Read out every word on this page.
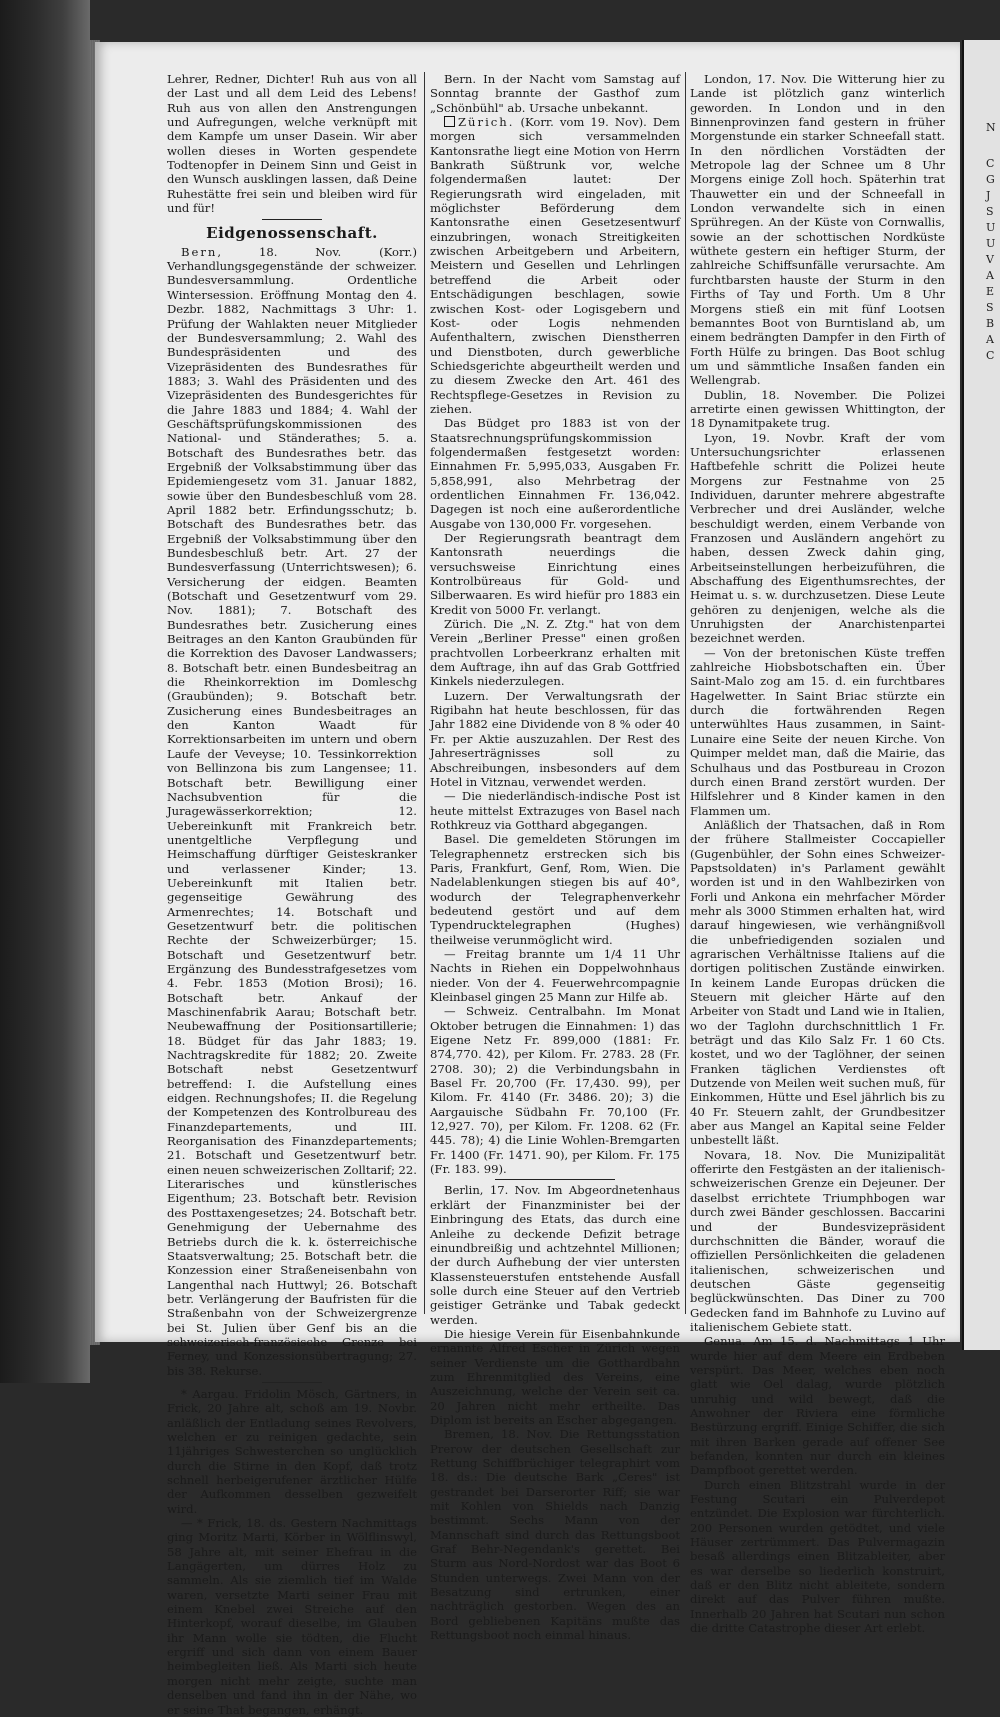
N
C
G
J
S
U
U
V
A
E
S
B
A
C

Lehrer, Redner, Dichter! Ruh aus von all der Last und all dem Leid des Lebens! Ruh aus von allen den Anstrengungen und Aufregungen, welche verknüpft mit dem Kampfe um unser Dasein. Wir aber wollen dieses in Worten gespendete Todtenopfer in Deinem Sinn und Geist in den Wunsch ausklingen lassen, daß Deine Ruhestätte frei sein und bleiben wird für und für!

Eidgenossenschaft.

Bern, 18. Nov. (Korr.) Verhandlungsgegenstände der schweizer. Bundesversammlung. Ordentliche Wintersession. Eröffnung Montag den 4. Dezbr. 1882, Nachmittags 3 Uhr: 1. Prüfung der Wahlakten neuer Mitglieder der Bundesversammlung; 2. Wahl des Bundespräsidenten und des Vizepräsidenten des Bundesrathes für 1883; 3. Wahl des Präsidenten und des Vizepräsidenten des Bundesgerichtes für die Jahre 1883 und 1884; 4. Wahl der Geschäftsprüfungskommissionen des National- und Ständerathes; 5. a. Botschaft des Bundesrathes betr. das Ergebniß der Volksabstimmung über das Epidemiengesetz vom 31. Januar 1882, sowie über den Bundesbeschluß vom 28. April 1882 betr. Erfindungsschutz; b. Botschaft des Bundesrathes betr. das Ergebniß der Volksabstimmung über den Bundesbeschluß betr. Art. 27 der Bundesverfassung (Unterrichtswesen); 6. Versicherung der eidgen. Beamten (Botschaft und Gesetzentwurf vom 29. Nov. 1881); 7. Botschaft des Bundesrathes betr. Zusicherung eines Beitrages an den Kanton Graubünden für die Korrektion des Davoser Landwassers; 8. Botschaft betr. einen Bundesbeitrag an die Rheinkorrektion im Domleschg (Graubünden); 9. Botschaft betr. Zusicherung eines Bundesbeitrages an den Kanton Waadt für Korrektionsarbeiten im untern und obern Laufe der Veveyse; 10. Tessinkorrektion von Bellinzona bis zum Langensee; 11. Botschaft betr. Bewilligung einer Nachsubvention für die Juragewässerkorrektion; 12. Uebereinkunft mit Frankreich betr. unentgeltliche Verpflegung und Heimschaffung dürftiger Geisteskranker und verlassener Kinder; 13. Uebereinkunft mit Italien betr. gegenseitige Gewährung des Armenrechtes; 14. Botschaft und Gesetzentwurf betr. die politischen Rechte der Schweizerbürger; 15. Botschaft und Gesetzentwurf betr. Ergänzung des Bundesstrafgesetzes vom 4. Febr. 1853 (Motion Brosi); 16. Botschaft betr. Ankauf der Maschinenfabrik Aarau; Botschaft betr. Neubewaffnung der Positionsartillerie; 18. Büdget für das Jahr 1883; 19. Nachtragskredite für 1882; 20. Zweite Botschaft nebst Gesetzentwurf betreffend: I. die Aufstellung eines eidgen. Rechnungshofes; II. die Regelung der Kompetenzen des Kontrolbureau des Finanzdepartements, und III. Reorganisation des Finanzdepartements; 21. Botschaft und Gesetzentwurf betr. einen neuen schweizerischen Zolltarif; 22. Literarisches und künstlerisches Eigenthum; 23. Botschaft betr. Revision des Posttaxengesetzes; 24. Botschaft betr. Genehmigung der Uebernahme des Betriebs durch die k. k. österreichische Staatsverwaltung; 25. Botschaft betr. die Konzession einer Straßeneisenbahn von Langenthal nach Huttwyl; 26. Botschaft betr. Verlängerung der Baufristen für die Straßenbahn von der Schweizergrenze bei St. Julien über Genf bis an die schweizerisch-französische Grenze bei Ferney, und Konzessionsübertragung; 27. bis 38. Rekurse.

* Aargau. Fridolin Mösch, Gärtners, in Frick, 20 Jahre alt, schoß am 19. Novbr. anläßlich der Entladung seines Revolvers, welchen er zu reinigen gedachte, sein 11jähriges Schwesterchen so unglücklich durch die Stirne in den Kopf, daß trotz schnell herbeigerufener ärztlicher Hülfe der Aufkommen desselben gezweifelt wird.

— * Frick, 18. ds. Gestern Nachmittags ging Moritz Marti, Körber in Wölflinswyl, 58 Jahre alt, mit seiner Ehefrau in die Langägerten, um dürres Holz zu sammeln. Als sie ziemlich tief im Walde waren, versetzte Marti seiner Frau mit einem Knebel zwei Streiche auf den Hinterkopf, worauf dieselbe, im Glauben ihr Mann wolle sie tödten, die Flucht ergriff und sich dann von einem Bauer heimbegleiten ließ. Als Marti sich heute morgen nicht mehr zeigte, suchte man denselben und fand ihn in der Nähe, wo er seine That begangen, erhängt.

Bern. In der Nacht vom Samstag auf Sonntag brannte der Gasthof zum „Schönbühl" ab. Ursache unbekannt.

Zürich. (Korr. vom 19. Nov). Dem morgen sich versammelnden Kantonsrathe liegt eine Motion von Herrn Bankrath Süßtrunk vor, welche folgendermaßen lautet: Der Regierungsrath wird eingeladen, mit möglichster Beförderung dem Kantonsrathe einen Gesetzesentwurf einzubringen, wonach Streitigkeiten zwischen Arbeitgebern und Arbeitern, Meistern und Gesellen und Lehrlingen betreffend die Arbeit oder Entschädigungen beschlagen, sowie zwischen Kost- oder Logisgebern und Kost- oder Logis nehmenden Aufenthaltern, zwischen Dienstherren und Dienstboten, durch gewerbliche Schiedsgerichte abgeurtheilt werden und zu diesem Zwecke den Art. 461 des Rechtspflege-Gesetzes in Revision zu ziehen.

Das Büdget pro 1883 ist von der Staatsrechnungsprüfungskommission folgendermaßen festgesetzt worden: Einnahmen Fr. 5,995,033, Ausgaben Fr. 5,858,991, also Mehrbetrag der ordentlichen Einnahmen Fr. 136,042. Dagegen ist noch eine außerordentliche Ausgabe von 130,000 Fr. vorgesehen.

Der Regierungsrath beantragt dem Kantonsrath neuerdings die versuchsweise Einrichtung eines Kontrolbüreaus für Gold- und Silberwaaren. Es wird hiefür pro 1883 ein Kredit von 5000 Fr. verlangt.

Zürich. Die „N. Z. Ztg." hat von dem Verein „Berliner Presse" einen großen prachtvollen Lorbeerkranz erhalten mit dem Auftrage, ihn auf das Grab Gottfried Kinkels niederzulegen.

Luzern. Der Verwaltungsrath der Rigibahn hat heute beschlossen, für das Jahr 1882 eine Dividende von 8 % oder 40 Fr. per Aktie auszuzahlen. Der Rest des Jahreserträgnisses soll zu Abschreibungen, insbesonders auf dem Hotel in Vitznau, verwendet werden.

— Die niederländisch-indische Post ist heute mittelst Extrazuges von Basel nach Rothkreuz via Gotthard abgegangen.

Basel. Die gemeldeten Störungen im Telegraphennetz erstrecken sich bis Paris, Frankfurt, Genf, Rom, Wien. Die Nadelablenkungen stiegen bis auf 40°, wodurch der Telegraphenverkehr bedeutend gestört und auf dem Typendrucktelegraphen (Hughes) theilweise verunmöglicht wird.

— Freitag brannte um 1/4 11 Uhr Nachts in Riehen ein Doppelwohnhaus nieder. Von der 4. Feuerwehrcompagnie Kleinbasel gingen 25 Mann zur Hilfe ab.

— Schweiz. Centralbahn. Im Monat Oktober betrugen die Einnahmen: 1) das Eigene Netz Fr. 899,000 (1881: Fr. 874,770. 42), per Kilom. Fr. 2783. 28 (Fr. 2708. 30); 2) die Verbindungsbahn in Basel Fr. 20,700 (Fr. 17,430. 99), per Kilom. Fr. 4140 (Fr. 3486. 20); 3) die Aargauische Südbahn Fr. 70,100 (Fr. 12,927. 70), per Kilom. Fr. 1208. 62 (Fr. 445. 78); 4) die Linie Wohlen-Bremgarten Fr. 1400 (Fr. 1471. 90), per Kilom. Fr. 175 (Fr. 183. 99).

Berlin, 17. Nov. Im Abgeordnetenhaus erklärt der Finanzminister bei der Einbringung des Etats, das durch eine Anleihe zu deckende Defizit betrage einundbreißig und achtzehntel Millionen; der durch Aufhebung der vier untersten Klassensteuerstufen entstehende Ausfall solle durch eine Steuer auf den Vertrieb geistiger Getränke und Tabak gedeckt werden.

Die hiesige Verein für Eisenbahnkunde ernannte Alfred Escher in Zürich wegen seiner Verdienste um die Gotthardbahn zum Ehrenmitglied des Vereins, eine Auszeichnung, welche der Verein seit ca. 20 Jahren nicht mehr ertheilte. Das Diplom ist bereits an Escher abgegangen.

Bremen, 18. Nov. Die Rettungsstation Prerow der deutschen Gesellschaft zur Rettung Schiffbrüchiger telegraphirt vom 18. ds.: Die deutsche Bark „Ceres" ist gestrandet bei Darserorter Riff; sie war mit Kohlen von Shields nach Danzig bestimmt. Sechs Mann von der Mannschaft sind durch das Rettungsboot Graf Behr-Negendank's gerettet. Bei Sturm aus Nord-Nordost war das Boot 6 Stunden unterwegs. Zwei Mann von der Besatzung sind ertrunken, einer nachträglich gestorben. Wegen des an Bord gebliebenen Kapitäns mußte das Rettungsboot noch einmal hinaus.

London, 17. Nov. Die Witterung hier zu Lande ist plötzlich ganz winterlich geworden. In London und in den Binnenprovinzen fand gestern in früher Morgenstunde ein starker Schneefall statt. In den nördlichen Vorstädten der Metropole lag der Schnee um 8 Uhr Morgens einige Zoll hoch. Späterhin trat Thauwetter ein und der Schneefall in London verwandelte sich in einen Sprühregen. An der Küste von Cornwallis, sowie an der schottischen Nordküste wüthete gestern ein heftiger Sturm, der zahlreiche Schiffsunfälle verursachte. Am furchtbarsten hauste der Sturm in den Firths of Tay und Forth. Um 8 Uhr Morgens stieß ein mit fünf Lootsen bemanntes Boot von Burntisland ab, um einem bedrängten Dampfer in den Firth of Forth Hülfe zu bringen. Das Boot schlug um und sämmtliche Insaßen fanden ein Wellengrab.

Dublin, 18. November. Die Polizei arretirte einen gewissen Whittington, der 18 Dynamitpakete trug.

Lyon, 19. Novbr. Kraft der vom Untersuchungsrichter erlassenen Haftbefehle schritt die Polizei heute Morgens zur Festnahme von 25 Individuen, darunter mehrere abgestrafte Verbrecher und drei Ausländer, welche beschuldigt werden, einem Verbande von Franzosen und Ausländern angehört zu haben, dessen Zweck dahin ging, Arbeitseinstellungen herbeizuführen, die Abschaffung des Eigenthumsrechtes, der Heimat u. s. w. durchzusetzen. Diese Leute gehören zu denjenigen, welche als die Unruhigsten der Anarchistenpartei bezeichnet werden.

— Von der bretonischen Küste treffen zahlreiche Hiobsbotschaften ein. Über Saint-Malo zog am 15. d. ein furchtbares Hagelwetter. In Saint Briac stürzte ein durch die fortwährenden Regen unterwühltes Haus zusammen, in Saint-Lunaire eine Seite der neuen Kirche. Von Quimper meldet man, daß die Mairie, das Schulhaus und das Postbureau in Crozon durch einen Brand zerstört wurden. Der Hilfslehrer und 8 Kinder kamen in den Flammen um.

Anläßlich der Thatsachen, daß in Rom der frühere Stallmeister Coccapieller (Gugenbühler, der Sohn eines Schweizer-Papstsoldaten) in's Parlament gewählt worden ist und in den Wahlbezirken von Forli und Ankona ein mehrfacher Mörder mehr als 3000 Stimmen erhalten hat, wird darauf hingewiesen, wie verhängnißvoll die unbefriedigenden sozialen und agrarischen Verhältnisse Italiens auf die dortigen politischen Zustände einwirken. In keinem Lande Europas drücken die Steuern mit gleicher Härte auf den Arbeiter von Stadt und Land wie in Italien, wo der Taglohn durchschnittlich 1 Fr. beträgt und das Kilo Salz Fr. 1 60 Cts. kostet, und wo der Taglöhner, der seinen Franken täglichen Verdienstes oft Dutzende von Meilen weit suchen muß, für Einkommen, Hütte und Esel jährlich bis zu 40 Fr. Steuern zahlt, der Grundbesitzer aber aus Mangel an Kapital seine Felder unbestellt läßt.

Novara, 18. Nov. Die Munizipalität offerirte den Festgästen an der italienisch-schweizerischen Grenze ein Dejeuner. Der daselbst errichtete Triumphbogen war durch zwei Bänder geschlossen. Baccarini und der Bundesvizepräsident durchschnitten die Bänder, worauf die offiziellen Persönlichkeiten die geladenen italienischen, schweizerischen und deutschen Gäste gegenseitig beglückwünschten. Das Diner zu 700 Gedecken fand im Bahnhofe zu Luvino auf italienischem Gebiete statt.

Genua. Am 15. d. Nachmittags 1 Uhr wurde hier auf dem Meere ein Erdbeben verspürt. Das Meer, welches eben noch glatt wie Oel dalag, wurde plötzlich unruhig und wild bewegt, daß die Anwohner der Riviera eine förmliche Bestürzung ergriff. Einige Schiffer, die sich mit ihren Barken gerade auf offener See befanden, konnten nur durch ein kleines Dampfboot gerettet werden.

Durch einen Blitzstrahl wurde in der Festung Scutari ein Pulverdepot entzündet. Die Explosion war fürchterlich. 200 Personen wurden getödtet, und viele Häuser zertrümmert. Das Pulvermagazin besaß allerdings einen Blitzableiter, aber es war derselbe so liederlich konstruirt, daß er den Blitz nicht ableitete, sondern direkt auf das Pulver führen mußte. Innerhalb 20 Jahren hat Scutari nun schon die dritte Catastrophe dieser Art erlebt.
